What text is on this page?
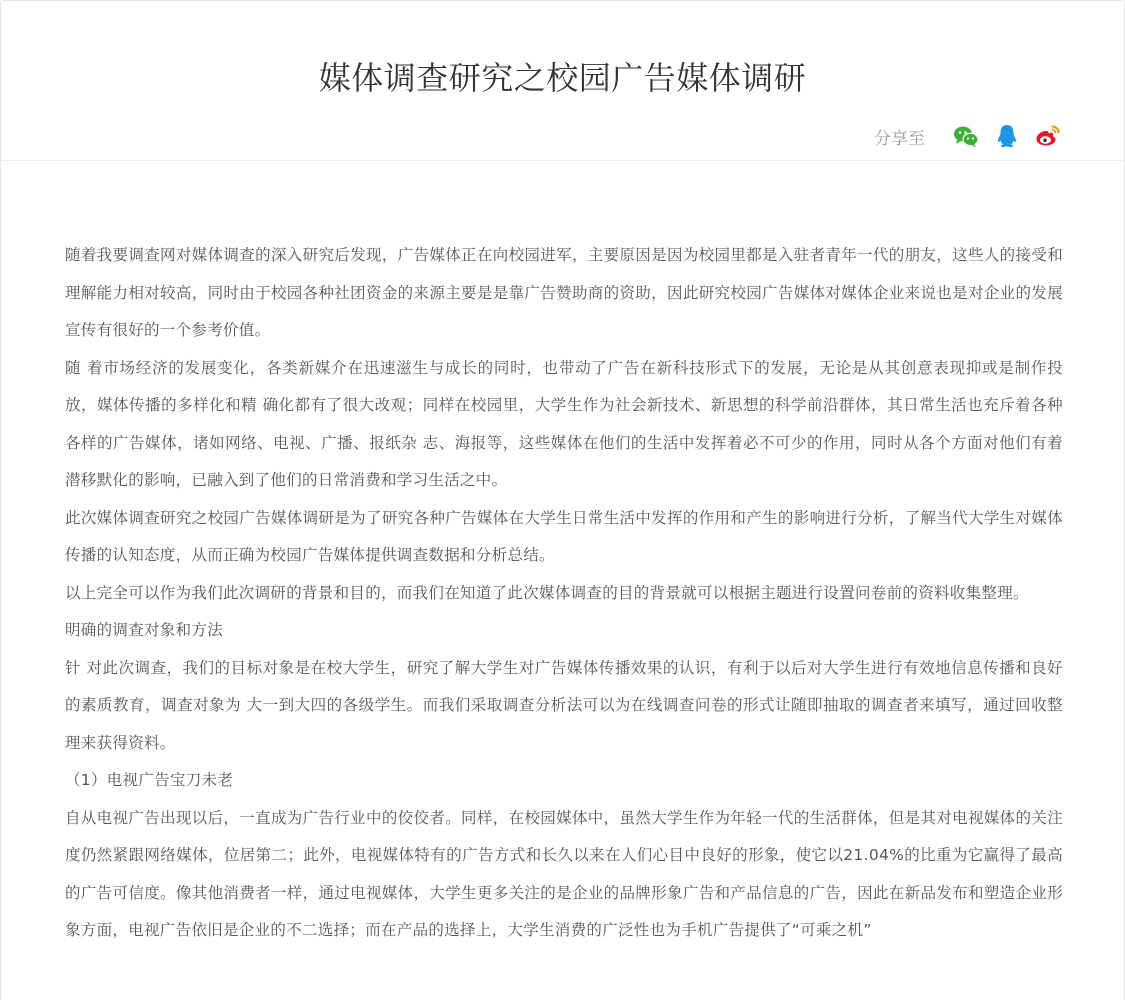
媒体调查研究之校园广告媒体调研
分享至

随着我要调查网对媒体调查的深入研究后发现，广告媒体正在向校园进军，主要原因是因为校园里都是入驻者青年一代的朋友，这些人的接受和理解能力相对较高，同时由于校园各种社团资金的来源主要是是靠广告赞助商的资助，因此研究校园广告媒体对媒体企业来说也是对企业的发展宣传有很好的一个参考价值。

随 着市场经济的发展变化，各类新媒介在迅速滋生与成长的同时，也带动了广告在新科技形式下的发展，无论是从其创意表现抑或是制作投放，媒体传播的多样化和精 确化都有了很大改观；同样在校园里，大学生作为社会新技术、新思想的科学前沿群体，其日常生活也充斥着各种各样的广告媒体，诸如网络、电视、广播、报纸杂 志、海报等，这些媒体在他们的生活中发挥着必不可少的作用，同时从各个方面对他们有着潜移默化的影响，已融入到了他们的日常消费和学习生活之中。

此次媒体调查研究之校园广告媒体调研是为了研究各种广告媒体在大学生日常生活中发挥的作用和产生的影响进行分析，了解当代大学生对媒体传播的认知态度，从而正确为校园广告媒体提供调查数据和分析总结。

以上完全可以作为我们此次调研的背景和目的，而我们在知道了此次媒体调查的目的背景就可以根据主题进行设置问卷前的资料收集整理。

明确的调查对象和方法

针 对此次调查，我们的目标对象是在校大学生，研究了解大学生对广告媒体传播效果的认识，有利于以后对大学生进行有效地信息传播和良好的素质教育，调查对象为 大一到大四的各级学生。而我们采取调查分析法可以为在线调查问卷的形式让随即抽取的调查者来填写，通过回收整理来获得资料。

（1）电视广告宝刀未老

自从电视广告出现以后，一直成为广告行业中的佼佼者。同样，在校园媒体中，虽然大学生作为年轻一代的生活群体，但是其对电视媒体的关注度仍然紧跟网络媒体，位居第二；此外，电视媒体特有的广告方式和长久以来在人们心目中良好的形象，使它以21.04%的比重为它赢得了最高的广告可信度。像其他消费者一样，通过电视媒体，大学生更多关注的是企业的品牌形象广告和产品信息的广告，因此在新品发布和塑造企业形象方面，电视广告依旧是企业的不二选择；而在产品的选择上，大学生消费的广泛性也为手机广告提供了“可乘之机”
